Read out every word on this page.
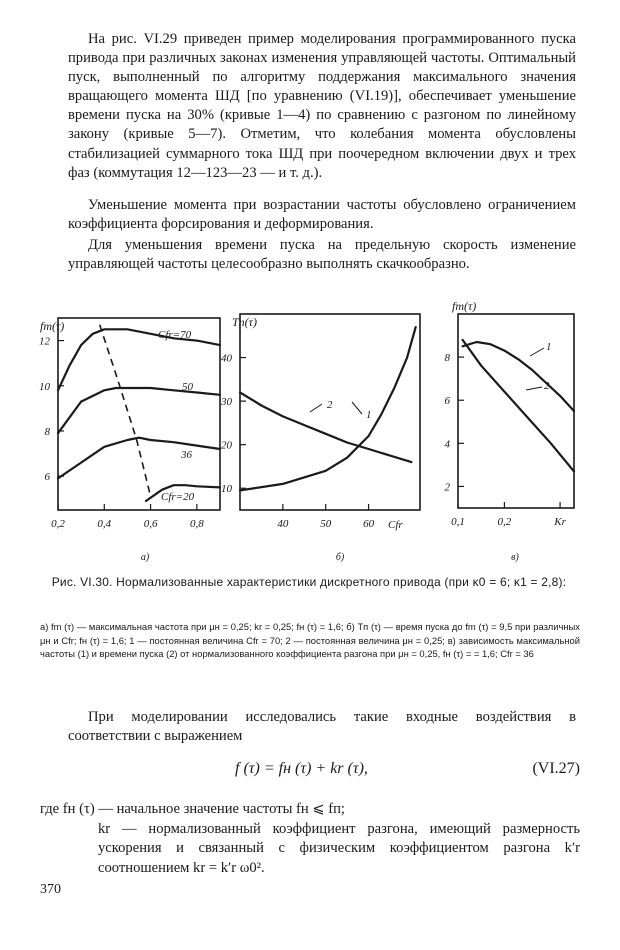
На рис. VI.29 приведен пример моделирования программированного пуска привода при различных законах изменения управляющей частоты. Оптимальный пуск, выполненный по алгоритму поддержания максимального значения вращающего момента ШД [по уравнению (VI.19)], обеспечивает уменьшение времени пуска на 30% (кривые 1—4) по сравнению с разгоном по линейному закону (кривые 5—7). Отметим, что колебания момента обусловлены стабилизацией суммарного тока ШД при поочередном включении двух и трех фаз (коммутация 12—123—23 — и т. д.).

Уменьшение момента при возрастании частоты обусловлено ограничением коэффициента форсирования и деформирования.

Для уменьшения времени пуска на предельную скорость изменение управляющей частоты целесообразно выполнять скачкообразно.

6
8
10
12
0,2	0,4	0,6	0,8
fm(τ)
Cfr=70
50
36
Cfr=20
10
20
30
40
40	50	60
Tп(τ)
Cfr
1
2
2
4
6
8
0,1	0,2	Kr
fm(τ)
1
2
а)	б)	в)

Рис. VI.30. Нормализованные характеристики дискретного привода (при κ0 = 6; κ1 = 2,8):

а) fm (τ) — максимальная частота при μн = 0,25; kr = 0,25; fн (τ) = 1,6; б) Tп (τ) — время пуска до fm (τ) = 9,5 при различных μн и Cfr; fн (τ) = 1,6; 1 — постоянная величина Cfr = 70; 2 — постоянная величина μн = 0,25; в) зависимость максимальной частоты (1) и времени пуска (2) от нормализованного коэффициента разгона при μн = 0,25, fн (τ) = = 1,6; Cfr = 36

При моделировании исследовались такие входные воздействия в соответствии с выражением

f (τ) = fн (τ) + kr (τ),	(VI.27)
где fн (τ) — начальное значение частоты fн ⩽ fп;
kr — нормализованный коэффициент разгона, имеющий размерность ускорения и связанный с физическим коэффициентом разгона k′r соотношением kr = k′r ω0².
370
